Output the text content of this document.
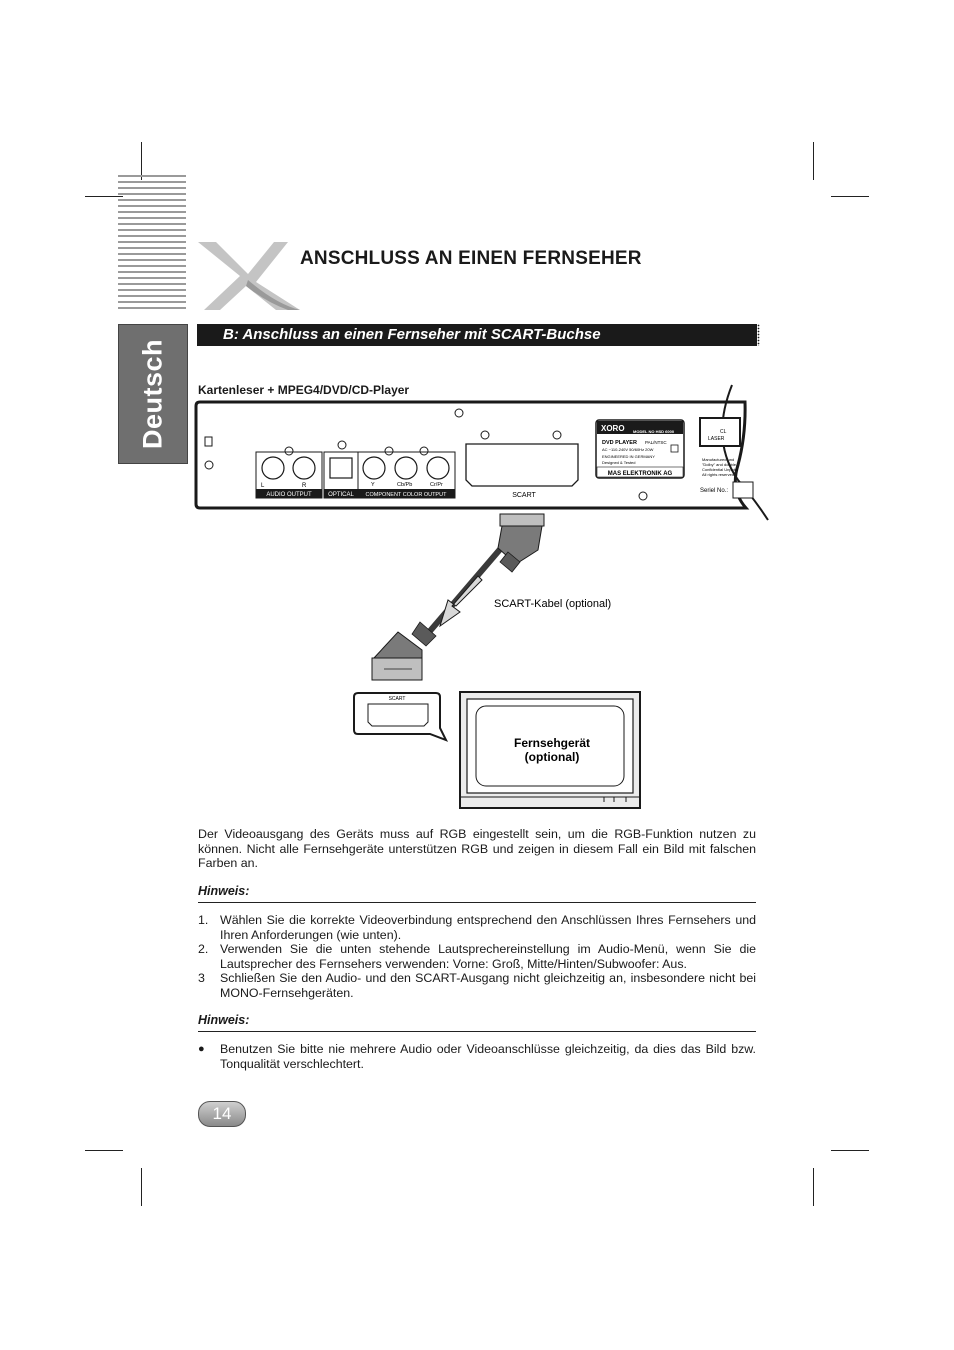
Deutsch
X
ANSCHLUSS AN EINEN FERNSEHER
B: Anschluss an einen Fernseher mit SCART-Buchse
Kartenleser + MPEG4/DVD/CD-Player
L	R
AUDIO OUTPUT	OPTICAL
Y	Cb/Pb	Cr/Pr
COMPONENT COLOR OUTPUT	SCART
XORO MODEL NO HSD 6000
DVD PLAYER PAL/NTSC
AC ~110-240V 50/60Hz 20W
ENGINEERED IN GERMANY
Designed & Tested
MAS ELEKTRONIK AG
CL
LASER
Manufactured und
"Dolby" and double-
Confidential Unpubli
All rights reserved.
Seriel No.:
SCART-Kabel (optional)
SCART
Fernsehgerät
(optional)
Der Videoausgang des Geräts muss auf RGB eingestellt sein, um die RGB-Funktion nutzen zu können. Nicht alle Fernsehgeräte unterstützen RGB und zeigen in diesem Fall ein Bild mit falschen Farben an.
Hinweis:
1. Wählen Sie die korrekte Videoverbindung entsprechend den Anschlüssen Ihres Fernsehers und Ihren Anforderungen (wie unten).
2. Verwenden Sie die unten stehende Lautsprechereinstellung im Audio-Menü, wenn Sie die Lautsprecher des Fernsehers verwenden: Vorne: Groß, Mitte/Hinten/Subwoofer: Aus.
3 Schließen Sie den Audio- und den SCART-Ausgang nicht gleichzeitig an, insbesondere nicht bei MONO-Fernsehgeräten.
Hinweis:
● Benutzen Sie bitte nie mehrere Audio oder Videoanschlüsse gleichzeitig, da dies das Bild bzw. Tonqualität verschlechtert.
14
